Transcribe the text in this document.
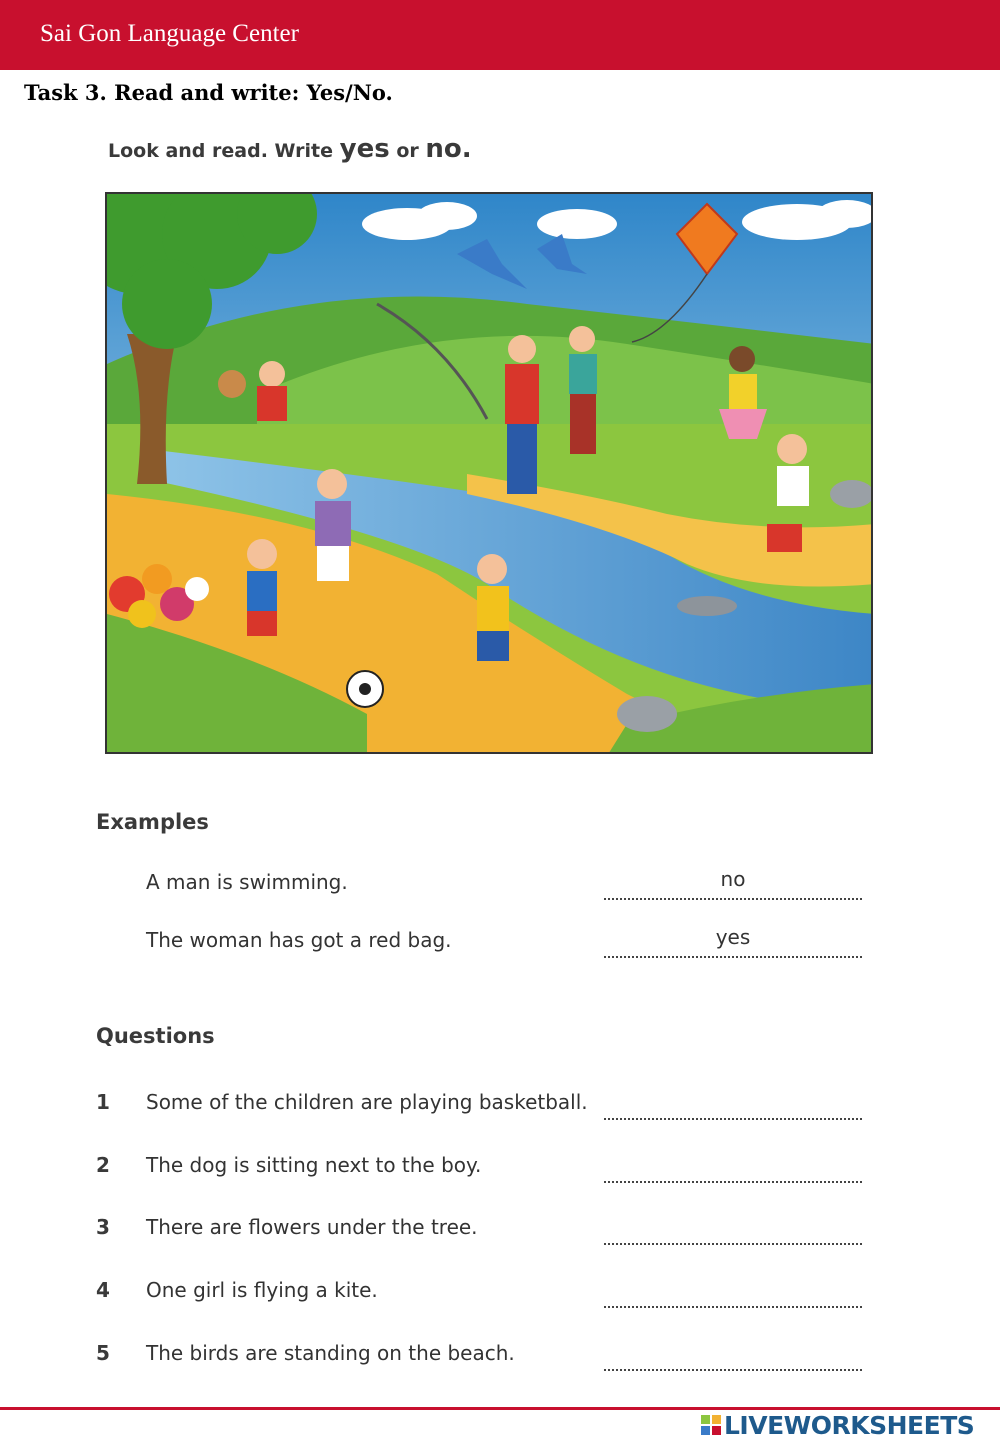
Sai Gon Language Center
Task 3. Read and write: Yes/No.
Look and read. Write yes or no.
Examples
A man is swimming.	no
The woman has got a red bag.	yes
Questions
1	Some of the children are playing basketball.
2	The dog is sitting next to the boy.
3	There are flowers under the tree.
4	One girl is flying a kite.
5	The birds are standing on the beach.
LIVEWORKSHEETS
